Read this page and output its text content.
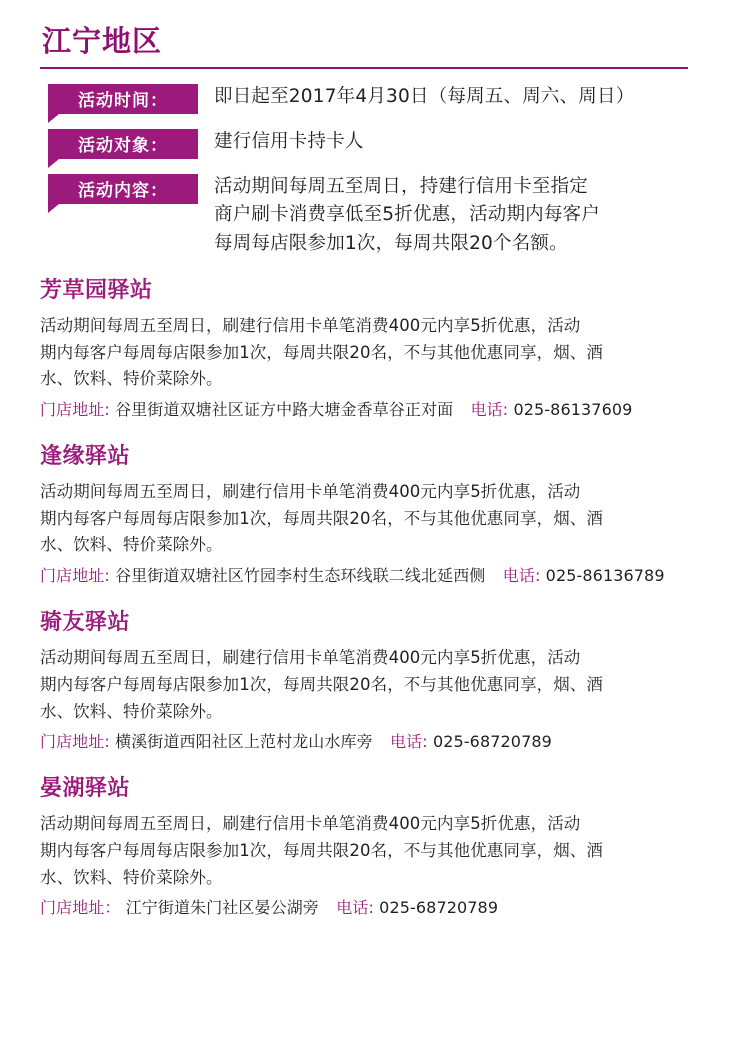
江宁地区
活动时间：	即日起至2017年4月30日（每周五、周六、周日）
活动对象：	建行信用卡持卡人
活动内容：	活动期间每周五至周日，持建行信用卡至指定
商户刷卡消费享低至5折优惠，活动期内每客户
每周每店限参加1次，每周共限20个名额。
芳草园驿站

活动期间每周五至周日，刷建行信用卡单笔消费400元内享5折优惠，活动
期内每客户每周每店限参加1次，每周共限20名，不与其他优惠同享，烟、酒
水、饮料、特价菜除外。

门店地址: 谷里街道双塘社区证方中路大塘金香草谷正对面 电话: 025-86137609
逢缘驿站

活动期间每周五至周日，刷建行信用卡单笔消费400元内享5折优惠，活动
期内每客户每周每店限参加1次，每周共限20名，不与其他优惠同享，烟、酒
水、饮料、特价菜除外。

门店地址: 谷里街道双塘社区竹园李村生态环线联二线北延西侧 电话: 025-86136789
骑友驿站

活动期间每周五至周日，刷建行信用卡单笔消费400元内享5折优惠，活动
期内每客户每周每店限参加1次，每周共限20名，不与其他优惠同享，烟、酒
水、饮料、特价菜除外。

门店地址: 横溪街道西阳社区上范村龙山水库旁 电话: 025-68720789
晏湖驿站

活动期间每周五至周日，刷建行信用卡单笔消费400元内享5折优惠，活动
期内每客户每周每店限参加1次，每周共限20名，不与其他优惠同享，烟、酒
水、饮料、特价菜除外。

门店地址： 江宁街道朱门社区晏公湖旁 电话: 025-68720789
